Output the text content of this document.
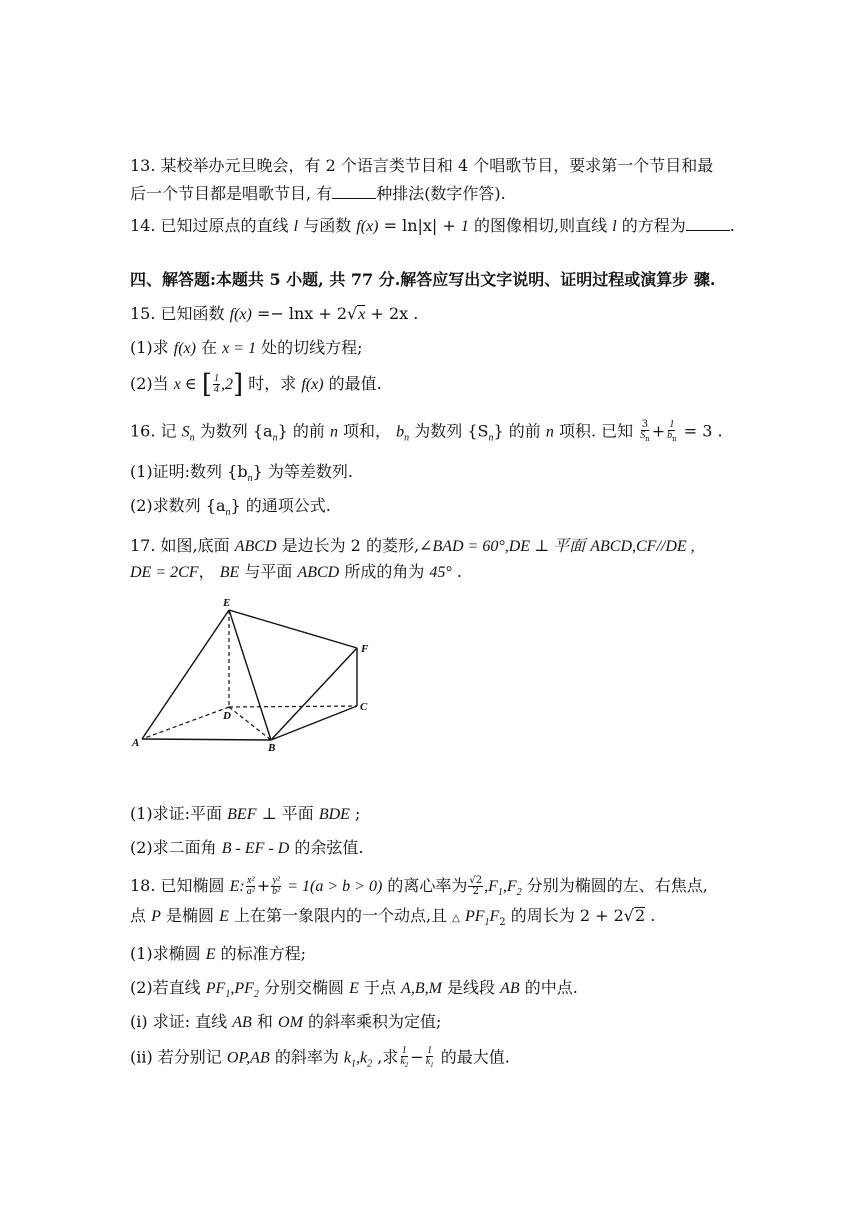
13. 某校举办元旦晚会，有 2 个语言类节目和 4 个唱歌节目，要求第一个节目和最
后一个节目都是唱歌节目, 有	种排法(数字作答).
14. 已知过原点的直线 l 与函数 f(x) = ln|x| + 1 的图像相切,则直线 l 的方程为	.
四、解答题:本题共 5 小题, 共 77 分.解答应写出文字说明、证明过程或演算步 骤.
15. 已知函数 f(x) =− lnx + 2√x + 2x .
(1)求 f(x) 在 x = 1 处的切线方程;
(2)当 x ∈ [ $\frac{1}{4} ,2$] 时，求 f(x) 的最值.
16. 记 $S_n$ 为数列 $\{a_n\}$ 的前 n 项和， $b_n$ 为数列 $\{S_n\}$ 的前 n 项积. 已知 $\frac{3}{S_n} + \frac{1}{b_n} = 3$ .
(1)证明:数列 $\{b_n\}$ 为等差数列.
(2)求数列 $\{a_n\}$ 的通项公式.
17. 如图,底面 ABCD 是边长为 2 的菱形,∠BAD = 60°,DE ⊥ 平面 ABCD,CF//DE ,
DE = 2CF， BE 与平面 ABCD 所成的角为 45° .
E
F
D
C
A	B
(1)求证:平面 BEF ⊥ 平面 BDE ;
(2)求二面角 B - EF - D 的余弦值.
18. 已知椭圆 E: $\frac{\text{x²}}{\text{a²}} + \frac{\text{y²}}{\text{b²}} = 1(a > b > 0)$ 的离心率为 $\frac{√2}{2} ,F_1,F_2$ 分别为椭圆的左、右焦点,
点 P 是椭圆 E 上在第一象限内的一个动点,且 △ $PF_1F_2$ 的周长为 2 + 2√2 .
(1)求椭圆 E 的标准方程;
(2)若直线 $PF_1,PF_2$ 分别交椭圆 E 于点 A,B,M 是线段 AB 的中点.
(i) 求证: 直线 AB 和 OM 的斜率乘积为定值;
(ii) 若分别记 OP,AB 的斜率为 $k_1,k_2$ ,求 $\frac{1}{k_2} - \frac{1}{k_1}$ 的最大值.
